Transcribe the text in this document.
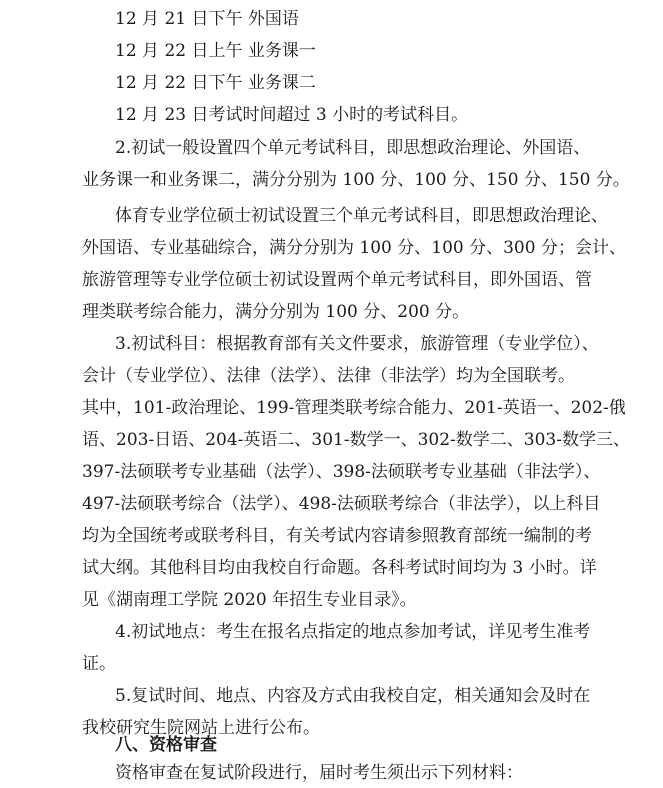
12 月 21 日下午 外国语
12 月 22 日上午 业务课一
12 月 22 日下午 业务课二
12 月 23 日考试时间超过 3 小时的考试科目。
2.初试一般设置四个单元考试科目，即思想政治理论、外国语、
业务课一和业务课二，满分分别为 100 分、100 分、150 分、150 分。
体育专业学位硕士初试设置三个单元考试科目，即思想政治理论、
外国语、专业基础综合，满分分别为 100 分、100 分、300 分；会计、
旅游管理等专业学位硕士初试设置两个单元考试科目，即外国语、管
理类联考综合能力，满分分别为 100 分、200 分。
3.初试科目：根据教育部有关文件要求，旅游管理（专业学位）、
会计（专业学位）、法律（法学）、法律（非法学）均为全国联考。
其中，101-政治理论、199-管理类联考综合能力、201-英语一、202-俄
语、203-日语、204-英语二、301-数学一、302-数学二、303-数学三、
397-法硕联考专业基础（法学）、398-法硕联考专业基础（非法学）、
497-法硕联考综合（法学）、498-法硕联考综合（非法学），以上科目
均为全国统考或联考科目，有关考试内容请参照教育部统一编制的考
试大纲。其他科目均由我校自行命题。各科考试时间均为 3 小时。详
见《湖南理工学院 2020 年招生专业目录》。
4.初试地点：考生在报名点指定的地点参加考试，详见考生准考
证。
5.复试时间、地点、内容及方式由我校自定，相关通知会及时在
我校研究生院网站上进行公布。
八、资格审查
资格审查在复试阶段进行，届时考生须出示下列材料：
